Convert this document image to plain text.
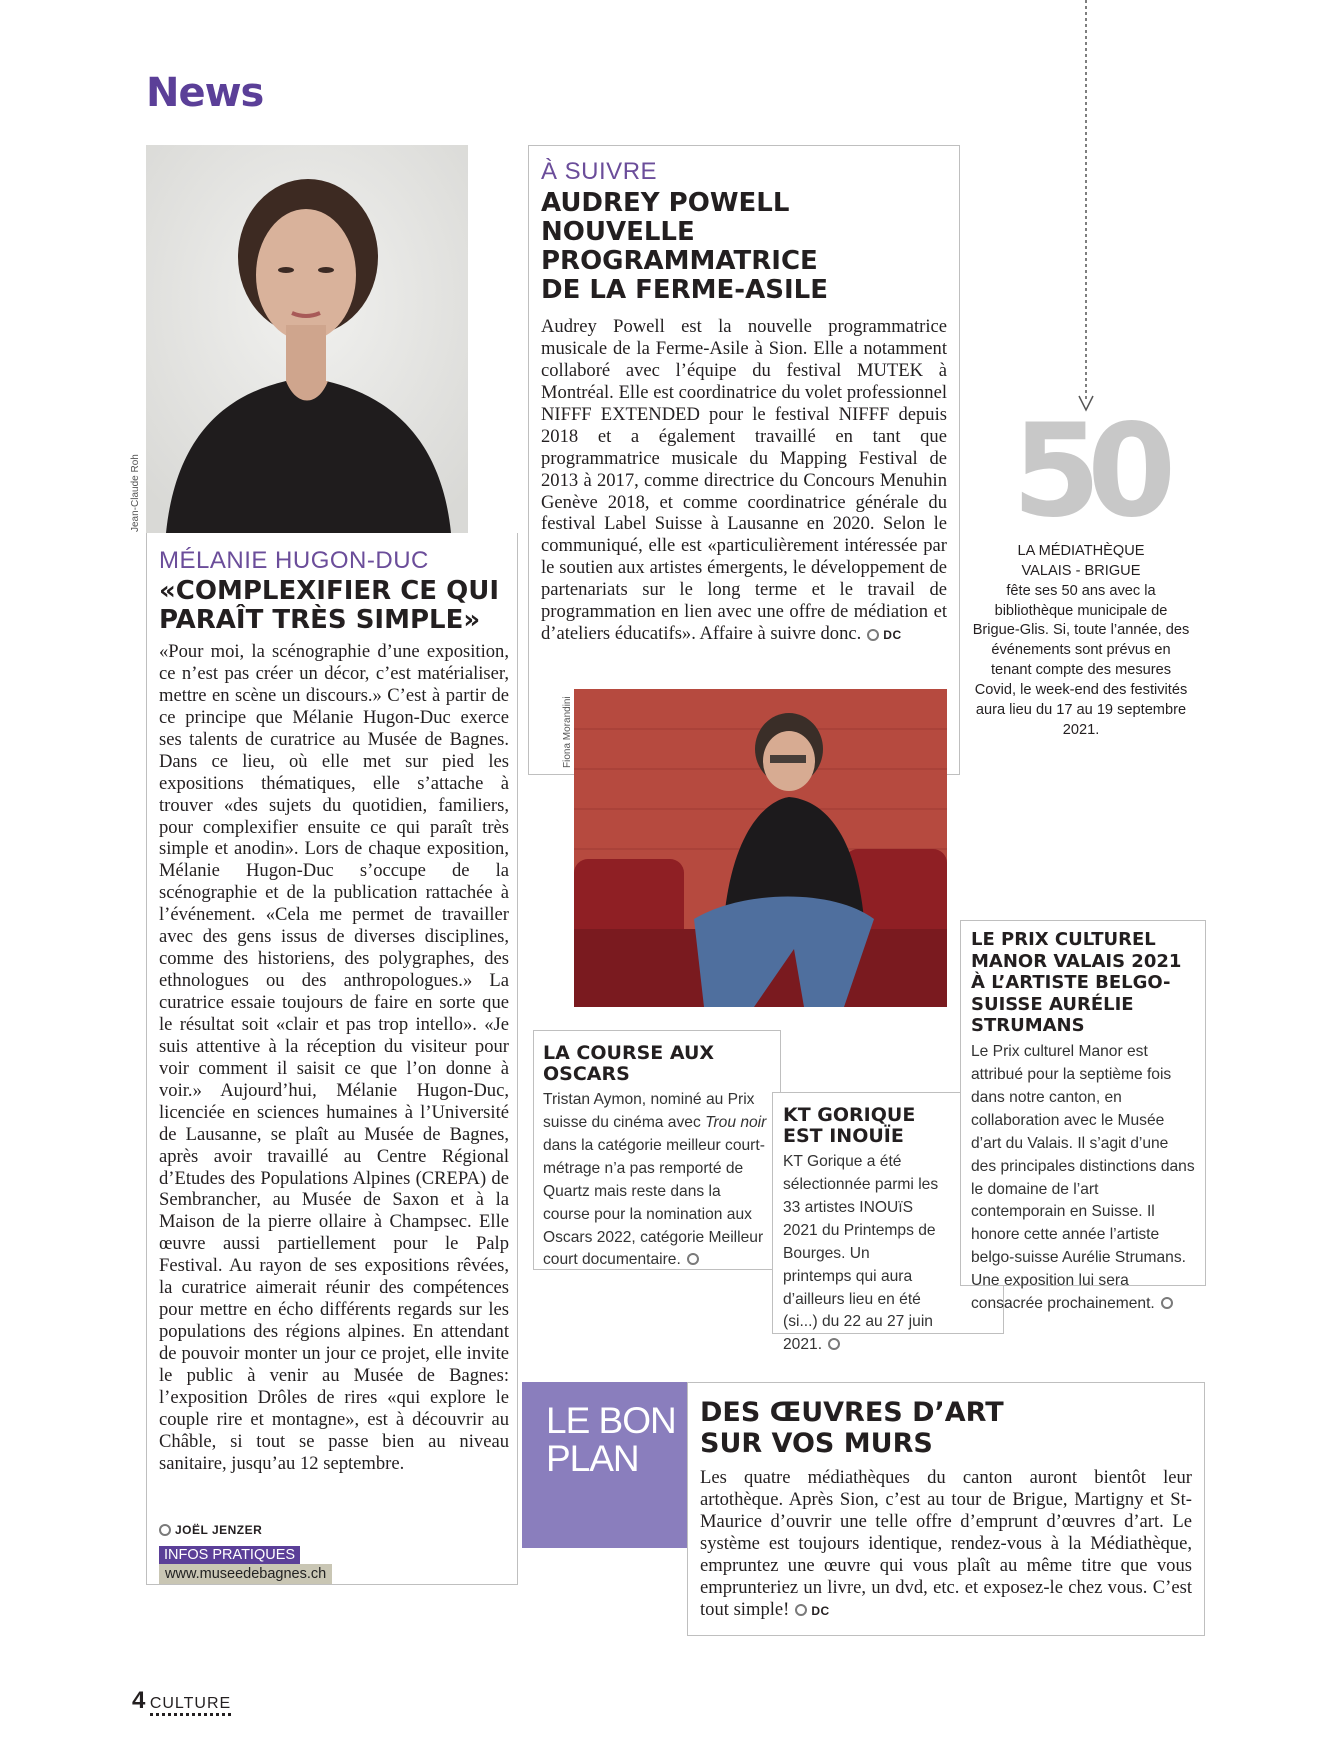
News
Jean-Claude Roh
MÉLANIE HUGON-DUC
«COMPLEXIFIER CE QUI PARAÎT TRÈS SIMPLE»
«Pour moi, la scénographie d’une exposition, ce n’est pas créer un décor, c’est matérialiser, mettre en scène un discours.» C’est à partir de ce principe que Mélanie Hugon-Duc exerce ses talents de curatrice au Musée de Bagnes. Dans ce lieu, où elle met sur pied les expositions thématiques, elle s’attache à trouver «des sujets du quotidien, familiers, pour complexifier ensuite ce qui paraît très simple et anodin». Lors de chaque exposition, Mélanie Hugon-Duc s’occupe de la scénographie et de la publication rattachée à l’événement. «Cela me permet de travailler avec des gens issus de diverses disciplines, comme des historiens, des polygraphes, des ethnologues ou des anthropologues.» La curatrice essaie toujours de faire en sorte que le résultat soit «clair et pas trop intello». «Je suis attentive à la réception du visiteur pour voir comment il saisit ce que l’on donne à voir.» Aujourd’hui, Mélanie Hugon-Duc, licenciée en sciences humaines à l’Université de Lausanne, se plaît au Musée de Bagnes, après avoir travaillé au Centre Régional d’Etudes des Populations Alpines (CREPA) de Sembrancher, au Musée de Saxon et à la Maison de la pierre ollaire à Champsec. Elle œuvre aussi partiellement pour le Palp Festival. Au rayon de ses expositions rêvées, la curatrice aimerait réunir des compétences pour mettre en écho différents regards sur les populations des régions alpines. En attendant de pouvoir monter un jour ce projet, elle invite le public à venir au Musée de Bagnes: l’exposition Drôles de rires «qui explore le couple rire et montagne», est à découvrir au Châble, si tout se passe bien au niveau sanitaire, jusqu’au 12 septembre.
JOËL JENZER
INFOS PRATIQUES
www.museedebagnes.ch
À SUIVRE
AUDREY POWELL NOUVELLE PROGRAMMATRICE DE LA FERME-ASILE
Audrey Powell est la nouvelle programmatrice musicale de la Ferme-Asile à Sion. Elle a notamment collaboré avec l’équipe du festival MUTEK à Montréal. Elle est coordinatrice du volet professionnel NIFFF EXTENDED pour le festival NIFFF depuis 2018 et a également travaillé en tant que programmatrice musicale du Mapping Festival de 2013 à 2017, comme directrice du Concours Menuhin Genève 2018, et comme coordinatrice générale du festival Label Suisse à Lausanne en 2020. Selon le communiqué, elle est «particulièrement intéressée par le soutien aux artistes émergents, le développement de partenariats sur le long terme et le travail de programmation en lien avec une offre de médiation et d’ateliers éducatifs». Affaire à suivre donc. DC
Fiona Morandini
50
LA MÉDIATHÈQUE
VALAIS - BRIGUE
fête ses 50 ans avec la bibliothèque municipale de Brigue-Glis. Si, toute l’année, des événements sont prévus en tenant compte des mesures Covid, le week-end des festivités aura lieu du 17 au 19 septembre 2021.
LA COURSE AUX OSCARS
Tristan Aymon, nominé au Prix suisse du cinéma avec Trou noir dans la catégorie meilleur court-métrage n’a pas remporté de Quartz mais reste dans la course pour la nomination aux Oscars 2022, catégorie Meilleur court documentaire.
KT GORIQUE EST INOUÏE
KT Gorique a été sélectionnée parmi les 33 artistes INOUïS 2021 du Printemps de Bourges. Un printemps qui aura d’ailleurs lieu en été (si...) du 22 au 27 juin 2021.
LE PRIX CULTUREL MANOR VALAIS 2021 À L’ARTISTE BELGO-SUISSE AURÉLIE STRUMANS
Le Prix culturel Manor est attribué pour la septième fois dans notre canton, en collaboration avec le Musée d’art du Valais. Il s’agit d’une des principales distinctions dans le domaine de l’art contemporain en Suisse. Il honore cette année l’artiste belgo-suisse Aurélie Strumans. Une exposition lui sera consacrée prochainement.
LE BON
PLAN
DES ŒUVRES D’ART
SUR VOS MURS
Les quatre médiathèques du canton auront bientôt leur artothèque. Après Sion, c’est au tour de Brigue, Martigny et St-Maurice d’ouvrir une telle offre d’emprunt d’œuvres d’art. Le système est toujours identique, rendez-vous à la Médiathèque, empruntez une œuvre qui vous plaît au même titre que vous emprunteriez un livre, un dvd, etc. et exposez-le chez vous. C’est tout simple! DC
4 CULTURE
